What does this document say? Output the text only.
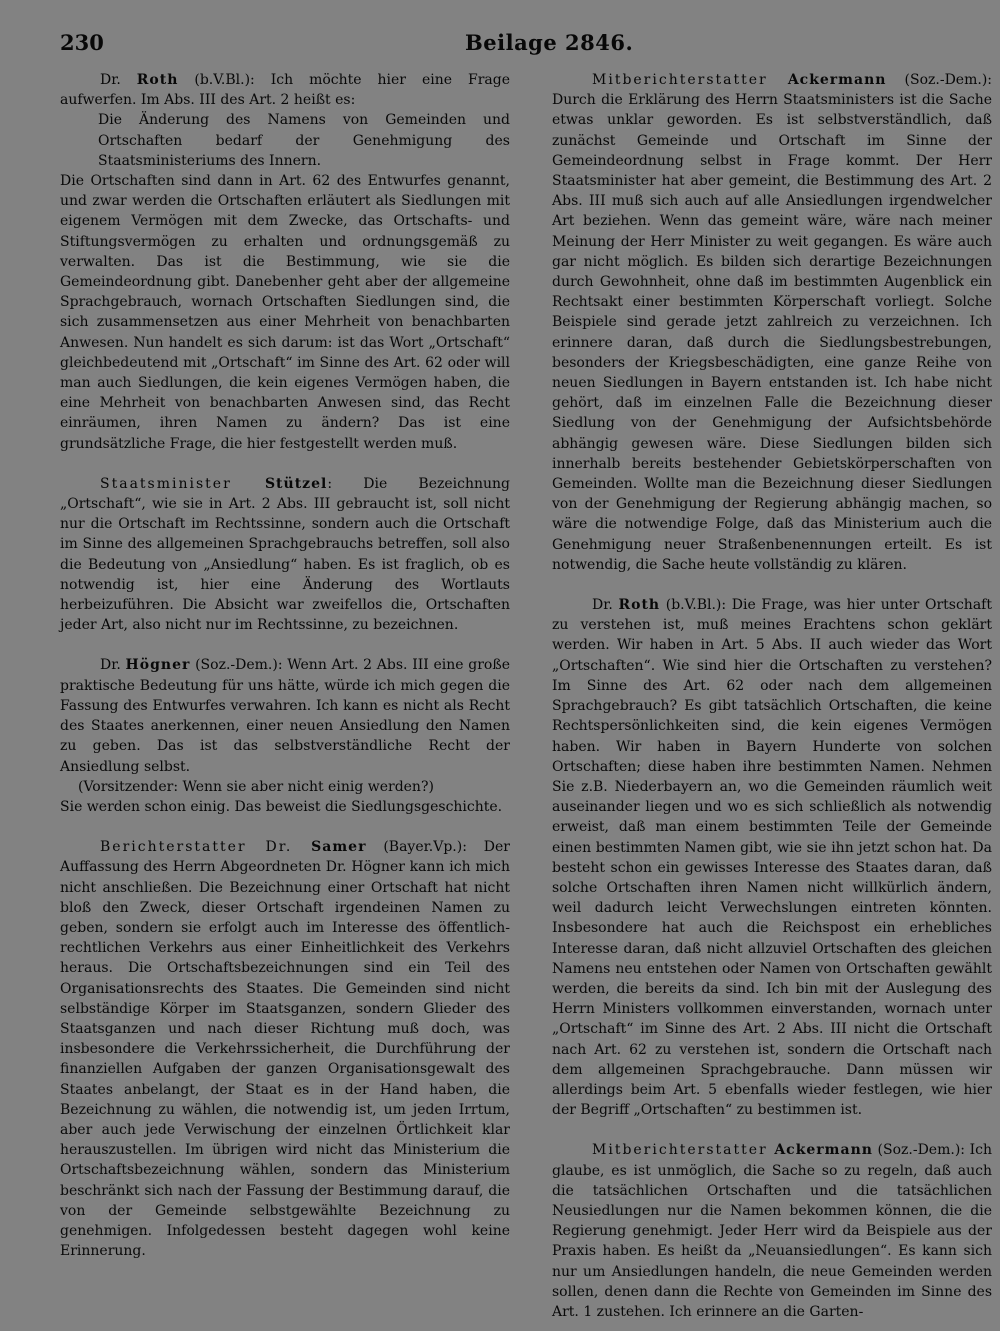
230	Beilage 2846.

Dr. Roth (b.V.Bl.): Ich möchte hier eine Frage aufwerfen. Im Abs. III des Art. 2 heißt es:

Die Änderung des Namens von Gemeinden und Ortschaften bedarf der Genehmigung des Staatsministeriums des Innern.

Die Ortschaften sind dann in Art. 62 des Entwurfes genannt, und zwar werden die Ortschaften erläutert als Siedlungen mit eigenem Vermögen mit dem Zwecke, das Ortschafts- und Stiftungsvermögen zu erhalten und ordnungsgemäß zu verwalten. Das ist die Bestimmung, wie sie die Gemeindeordnung gibt. Danebenher geht aber der allgemeine Sprachgebrauch, wornach Ortschaften Siedlungen sind, die sich zusammensetzen aus einer Mehrheit von benachbarten Anwesen. Nun handelt es sich darum: ist das Wort „Ortschaft“ gleichbedeutend mit „Ortschaft“ im Sinne des Art. 62 oder will man auch Siedlungen, die kein eigenes Vermögen haben, die eine Mehrheit von benachbarten Anwesen sind, das Recht einräumen, ihren Namen zu ändern? Das ist eine grundsätzliche Frage, die hier festgestellt werden muß.

Staatsminister Stützel: Die Bezeichnung „Ortschaft“, wie sie in Art. 2 Abs. III gebraucht ist, soll nicht nur die Ortschaft im Rechtssinne, sondern auch die Ortschaft im Sinne des allgemeinen Sprachgebrauchs betreffen, soll also die Bedeutung von „Ansiedlung“ haben. Es ist fraglich, ob es notwendig ist, hier eine Änderung des Wortlauts herbeizuführen. Die Absicht war zweifellos die, Ortschaften jeder Art, also nicht nur im Rechtssinne, zu bezeichnen.

Dr. Högner (Soz.-Dem.): Wenn Art. 2 Abs. III eine große praktische Bedeutung für uns hätte, würde ich mich gegen die Fassung des Entwurfes verwahren. Ich kann es nicht als Recht des Staates anerkennen, einer neuen Ansiedlung den Namen zu geben. Das ist das selbstverständliche Recht der Ansiedlung selbst.

(Vorsitzender: Wenn sie aber nicht einig werden?)

Sie werden schon einig. Das beweist die Siedlungsgeschichte.

Berichterstatter Dr. Samer (Bayer.Vp.): Der Auffassung des Herrn Abgeordneten Dr. Högner kann ich mich nicht anschließen. Die Bezeichnung einer Ortschaft hat nicht bloß den Zweck, dieser Ortschaft irgendeinen Namen zu geben, sondern sie erfolgt auch im Interesse des öffentlich-rechtlichen Verkehrs aus einer Einheitlichkeit des Verkehrs heraus. Die Ortschaftsbezeichnungen sind ein Teil des Organisationsrechts des Staates. Die Gemeinden sind nicht selbständige Körper im Staatsganzen, sondern Glieder des Staatsganzen und nach dieser Richtung muß doch, was insbesondere die Verkehrssicherheit, die Durchführung der finanziellen Aufgaben der ganzen Organisationsgewalt des Staates anbelangt, der Staat es in der Hand haben, die Bezeichnung zu wählen, die notwendig ist, um jeden Irrtum, aber auch jede Verwischung der einzelnen Örtlichkeit klar herauszustellen. Im übrigen wird nicht das Ministerium die Ortschaftsbezeichnung wählen, sondern das Ministerium beschränkt sich nach der Fassung der Bestimmung darauf, die von der Gemeinde selbstgewählte Bezeichnung zu genehmigen. Infolgedessen besteht dagegen wohl keine Erinnerung.

Mitberichterstatter Ackermann (Soz.-Dem.): Durch die Erklärung des Herrn Staatsministers ist die Sache etwas unklar geworden. Es ist selbstverständlich, daß zunächst Gemeinde und Ortschaft im Sinne der Gemeindeordnung selbst in Frage kommt. Der Herr Staatsminister hat aber gemeint, die Bestimmung des Art. 2 Abs. III muß sich auch auf alle Ansiedlungen irgendwelcher Art beziehen. Wenn das gemeint wäre, wäre nach meiner Meinung der Herr Minister zu weit gegangen. Es wäre auch gar nicht möglich. Es bilden sich derartige Bezeichnungen durch Gewohnheit, ohne daß im bestimmten Augenblick ein Rechtsakt einer bestimmten Körperschaft vorliegt. Solche Beispiele sind gerade jetzt zahlreich zu verzeichnen. Ich erinnere daran, daß durch die Siedlungsbestrebungen, besonders der Kriegsbeschädigten, eine ganze Reihe von neuen Siedlungen in Bayern entstanden ist. Ich habe nicht gehört, daß im einzelnen Falle die Bezeichnung dieser Siedlung von der Genehmigung der Aufsichtsbehörde abhängig gewesen wäre. Diese Siedlungen bilden sich innerhalb bereits bestehender Gebietskörperschaften von Gemeinden. Wollte man die Bezeichnung dieser Siedlungen von der Genehmigung der Regierung abhängig machen, so wäre die notwendige Folge, daß das Ministerium auch die Genehmigung neuer Straßenbenennungen erteilt. Es ist notwendig, die Sache heute vollständig zu klären.

Dr. Roth (b.V.Bl.): Die Frage, was hier unter Ortschaft zu verstehen ist, muß meines Erachtens schon geklärt werden. Wir haben in Art. 5 Abs. II auch wieder das Wort „Ortschaften“. Wie sind hier die Ortschaften zu verstehen? Im Sinne des Art. 62 oder nach dem allgemeinen Sprachgebrauch? Es gibt tatsächlich Ortschaften, die keine Rechtspersönlichkeiten sind, die kein eigenes Vermögen haben. Wir haben in Bayern Hunderte von solchen Ortschaften; diese haben ihre bestimmten Namen. Nehmen Sie z.B. Niederbayern an, wo die Gemeinden räumlich weit auseinander liegen und wo es sich schließlich als notwendig erweist, daß man einem bestimmten Teile der Gemeinde einen bestimmten Namen gibt, wie sie ihn jetzt schon hat. Da besteht schon ein gewisses Interesse des Staates daran, daß solche Ortschaften ihren Namen nicht willkürlich ändern, weil dadurch leicht Verwechslungen eintreten könnten. Insbesondere hat auch die Reichspost ein erhebliches Interesse daran, daß nicht allzuviel Ortschaften des gleichen Namens neu entstehen oder Namen von Ortschaften gewählt werden, die bereits da sind. Ich bin mit der Auslegung des Herrn Ministers vollkommen einverstanden, wornach unter „Ortschaft“ im Sinne des Art. 2 Abs. III nicht die Ortschaft nach Art. 62 zu verstehen ist, sondern die Ortschaft nach dem allgemeinen Sprachgebrauche. Dann müssen wir allerdings beim Art. 5 ebenfalls wieder festlegen, wie hier der Begriff „Ortschaften“ zu bestimmen ist.

Mitberichterstatter Ackermann (Soz.-Dem.): Ich glaube, es ist unmöglich, die Sache so zu regeln, daß auch die tatsächlichen Ortschaften und die tatsächlichen Neusiedlungen nur die Namen bekommen können, die die Regierung genehmigt. Jeder Herr wird da Beispiele aus der Praxis haben. Es heißt da „Neuansiedlungen“. Es kann sich nur um Ansiedlungen handeln, die neue Gemeinden werden sollen, denen dann die Rechte von Gemeinden im Sinne des Art. 1 zustehen. Ich erinnere an die Garten-
